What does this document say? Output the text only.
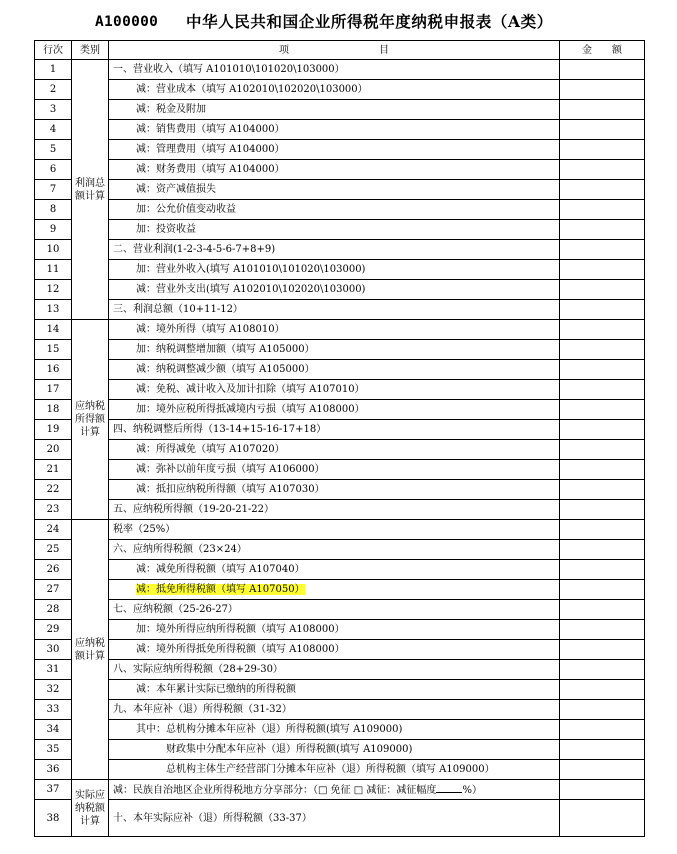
A100000 中华人民共和国企业所得税年度纳税申报表（A类）
行次	类别	项　　　　　　　　　目	金　　额
1	利润总额计算	一、营业收入（填写 A101010\101020\103000）	
2		减：营业成本（填写 A102010\102020\103000）	
3		减：税金及附加	
4		减：销售费用（填写 A104000）	
5		减：管理费用（填写 A104000）	
6		减：财务费用（填写 A104000）	
7		减：资产减值损失	
8		加：公允价值变动收益	
9		加：投资收益	
10		二、营业利润(1-2-3-4-5-6-7+8+9)	
11		加：营业外收入(填写 A101010\101020\103000)	
12		减：营业外支出(填写 A102010\102020\103000)	
13		三、利润总额（10+11-12）	
14	应纳税所得额计算	减：境外所得（填写 A108010）	
15		加：纳税调整增加额（填写 A105000）	
16		减：纳税调整减少额（填写 A105000）	
17		减：免税、减计收入及加计扣除（填写 A107010）	
18		加：境外应税所得抵减境内亏损（填写 A108000）	
19		四、纳税调整后所得（13-14+15-16-17+18）	
20		减：所得减免（填写 A107020）	
21		减：弥补以前年度亏损（填写 A106000）	
22		减：抵扣应纳税所得额（填写 A107030）	
23		五、应纳税所得额（19-20-21-22）	
24	应纳税额计算	税率（25%）	
25		六、应纳所得税额（23×24）	
26		减：减免所得税额（填写 A107040）	
27		减：抵免所得税额（填写 A107050）	
28		七、应纳税额（25-26-27）	
29		加：境外所得应纳所得税额（填写 A108000）	
30		减：境外所得抵免所得税额（填写 A108000）	
31		八、实际应纳所得税额（28+29-30）	
32		减：本年累计实际已缴纳的所得税额	
33		九、本年应补（退）所得税额（31-32）	
34		其中：总机构分摊本年应补（退）所得税额(填写 A109000)	
35		财政集中分配本年应补（退）所得税额(填写 A109000)	
36		总机构主体生产经营部门分摊本年应补（退）所得税额（填写 A109000）	
37	实际应纳税额计算	减：民族自治地区企业所得税地方分享部分：（□ 免征 □ 减征：减征幅度 %）	
38		十、本年实际应补（退）所得税额（33-37）	
